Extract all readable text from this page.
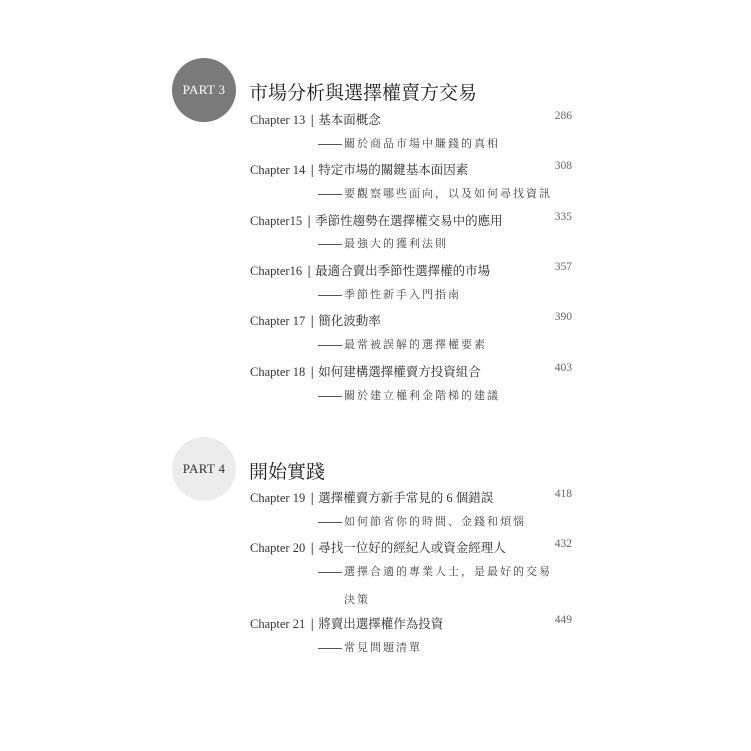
PART 3	市場分析與選擇權賣方交易
Chapter 13 | 基本面概念	286
關於商品市場中賺錢的真相
Chapter 14 | 特定市場的關鍵基本面因素	308
要觀察哪些面向，以及如何尋找資訊
Chapter15 | 季節性趨勢在選擇權交易中的應用	335
最強大的獲利法則
Chapter16 | 最適合賣出季節性選擇權的市場	357
季節性新手入門指南
Chapter 17 | 簡化波動率	390
最常被誤解的選擇權要素
Chapter 18 | 如何建構選擇權賣方投資組合	403
關於建立權利金階梯的建議
PART 4	開始實踐
Chapter 19 | 選擇權賣方新手常見的 6 個錯誤	418
如何節省你的時間、金錢和煩惱
Chapter 20 | 尋找一位好的經紀人或資金經理人	432
選擇合適的專業人士，是最好的交易
決策
Chapter 21 | 將賣出選擇權作為投資	449
常見問題清單
